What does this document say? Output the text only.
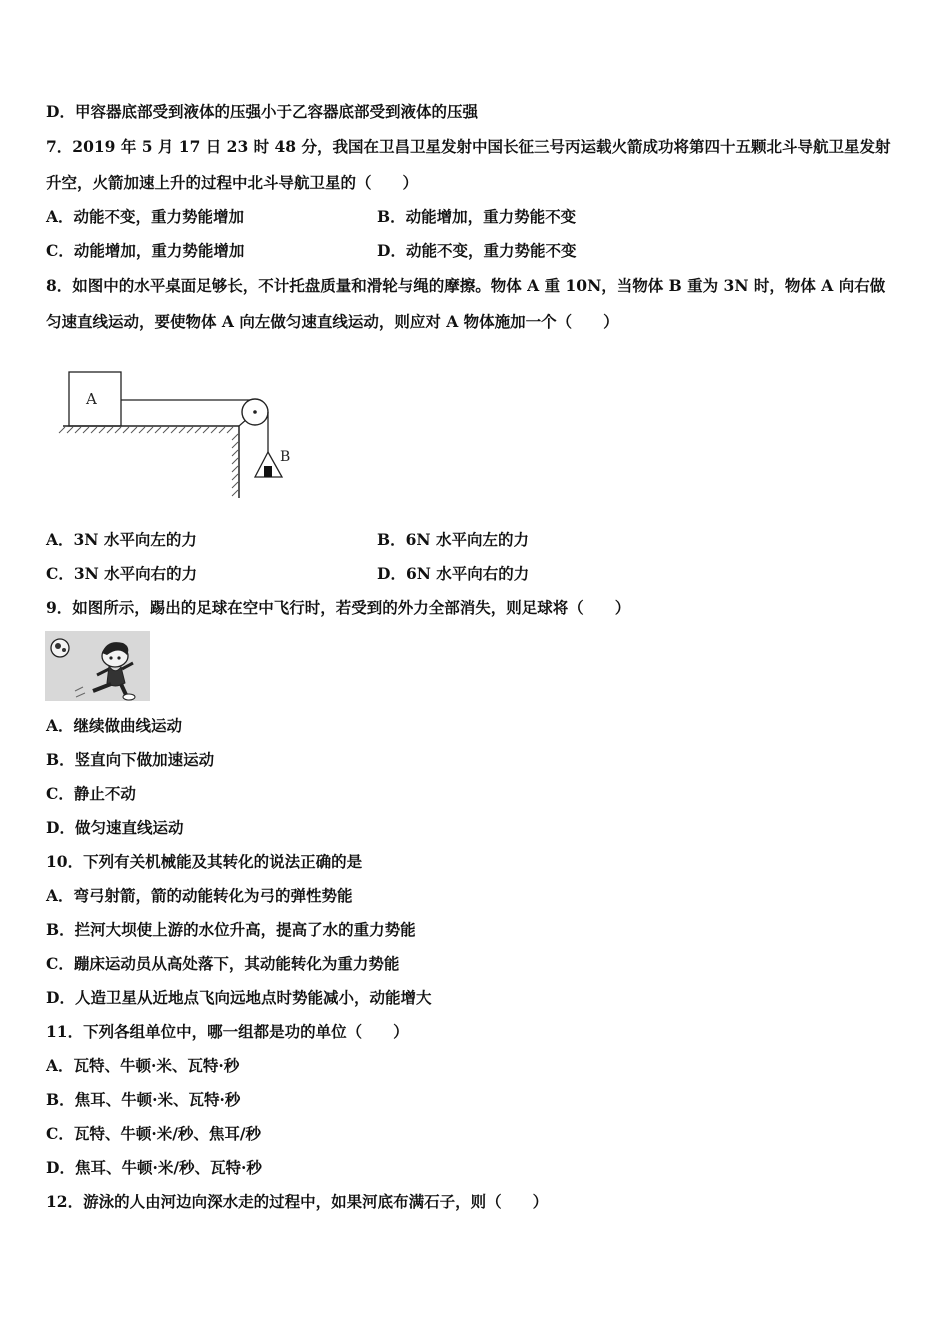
D．甲容器底部受到液体的压强小于乙容器底部受到液体的压强
7．2019 年 5 月 17 日 23 时 48 分，我国在卫昌卫星发射中国长征三号丙运载火箭成功将第四十五颗北斗导航卫星发射
升空，火箭加速上升的过程中北斗导航卫星的（　　）
A．动能不变，重力势能增加	B．动能增加，重力势能不变
C．动能增加，重力势能增加	D．动能不变，重力势能不变
8．如图中的水平桌面足够长，不计托盘质量和滑轮与绳的摩擦。物体 A 重 10N，当物体 B 重为 3N 时，物体 A 向右做
匀速直线运动，要使物体 A 向左做匀速直线运动，则应对 A 物体施加一个（　　）
A
B
A．3N 水平向左的力	B．6N 水平向左的力
C．3N 水平向右的力	D．6N 水平向右的力
9．如图所示，踢出的足球在空中飞行时，若受到的外力全部消失，则足球将（　　）
A．继续做曲线运动
B．竖直向下做加速运动
C．静止不动
D．做匀速直线运动
10．下列有关机械能及其转化的说法正确的是
A．弯弓射箭，箭的动能转化为弓的弹性势能
B．拦河大坝使上游的水位升高，提高了水的重力势能
C．蹦床运动员从高处落下，其动能转化为重力势能
D．人造卫星从近地点飞向远地点时势能减小，动能增大
11．下列各组单位中，哪一组都是功的单位（　　）
A．瓦特、牛顿·米、瓦特·秒
B．焦耳、牛顿·米、瓦特·秒
C．瓦特、牛顿·米/秒、焦耳/秒
D．焦耳、牛顿·米/秒、瓦特·秒
12．游泳的人由河边向深水走的过程中，如果河底布满石子，则（　　）
